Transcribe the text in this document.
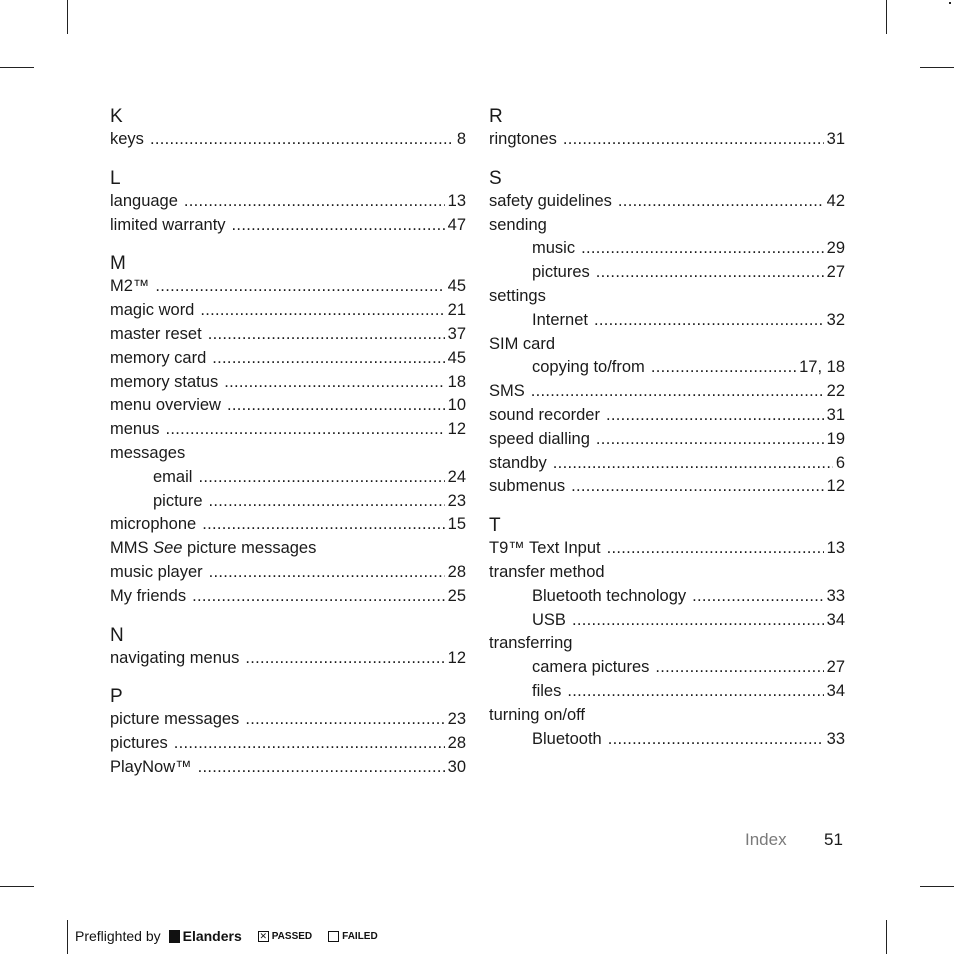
K
keys .....	8
L
language .....	13
limited warranty .....	47
M
M2™ .....	45
magic word .....	21
master reset .....	37
memory card .....	45
memory status .....	18
menu overview .....	10
menus .....	12
messages
email .....	24
picture .....	23
microphone .....	15
MMS See picture messages
music player .....	28
My friends .....	25
N
navigating menus .....	12
P
picture messages .....	23
pictures .....	28
PlayNow™ .....	30
R
ringtones .....	31
S
safety guidelines .....	42
sending
music .....	29
pictures .....	27
settings
Internet .....	32
SIM card
copying to/from .....	17, 18
SMS .....	22
sound recorder .....	31
speed dialling .....	19
standby .....	6
submenus .....	12
T
T9™ Text Input .....	13
transfer method
Bluetooth technology .....	33
USB .....	34
transferring
camera pictures .....	27
files .....	34
turning on/off
Bluetooth .....	33
Index 51
Preflighted by Elanders ✕ PASSED	FAILED
